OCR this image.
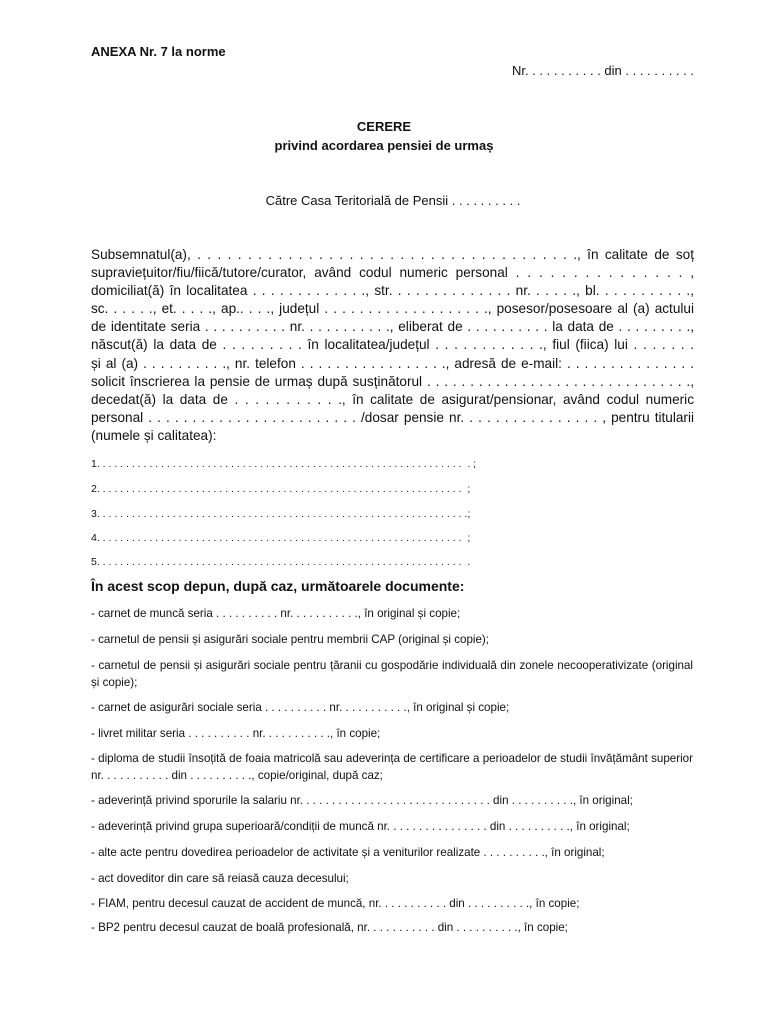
ANEXA Nr. 7 la norme
Nr. . . . . . . . . . . din . . . . . . . . . .
CERERE
privind acordarea pensiei de urmaș
Către Casa Teritorială de Pensii . . . . . . . . . .
Subsemnatul(a), . . . . . . . . . . . . . . . . . . . . . . . . . . . . . . . . . . . . . ., în calitate de soț
supraviețuitor/fiu/fiică/tutore/curator, având codul numeric personal . . . . . . . . . . . . . . . ,
domiciliat(ă) în localitatea . . . . . . . . . . . . ., str. . . . . . . . . . . . . . nr. . . . . ., bl. . . . . . . . . . .,
sc. . . . . ., et. . . . ., ap.. . . ., județul . . . . . . . . . . . . . . . . . . ., posesor/posesoare al (a) actului
de identitate seria . . . . . . . . . . nr. . . . . . . . . . ., eliberat de . . . . . . . . . . la data de . . . . . . . . .,
născut(ă) la data de . . . . . . . . . în localitatea/județul . . . . . . . . . . . ., fiul (fiica) lui . . . . . . .
și al (a) . . . . . . . . . ., nr. telefon . . . . . . . . . . . . . . . . ., adresă de e-mail: . . . . . . . . . . . . . . .
solicit înscrierea la pensie de urmaș după susținătorul . . . . . . . . . . . . . . . . . . . . . . . . . . . . . . .,
decedat(ă) la data de . . . . . . . . . . ., în calitate de asigurat/pensionar, având codul numeric
personal . . . . . . . . . . . . . . . . . . . . . . . . /dosar pensie nr. . . . . . . . . . . . . . . . , pentru titularii
(numele și calitatea):
1. . . . . . . . . . . . . . . . . . . . . . . . . . . . . . . . . . . . . . . . . . . . . . . . . . . . . . . . . . . . . . .  . ;
2. . . . . . . . . . . . . . . . . . . . . . . . . . . . . . . . . . . . . . . . . . . . . . . . . . . . . . . . . . . . . . .  ;
3. . . . . . . . . . . . . . . . . . . . . . . . . . . . . . . . . . . . . . . . . . . . . . . . . . . . . . . . . . . . . . . .;
4. . . . . . . . . . . . . . . . . . . . . . . . . . . . . . . . . . . . . . . . . . . . . . . . . . . . . . . . . . . . . . .  ;
5. . . . . . . . . . . . . . . . . . . . . . . . . . . . . . . . . . . . . . . . . . . . . . . . . . . . . . . . . . . . . . .  .
În acest scop depun, după caz, următoarele documente:
- carnet de muncă seria . . . . . . . . . . nr. . . . . . . . . . ., în original și copie;
- carnetul de pensii și asigurări sociale pentru membrii CAP (original și copie);
- carnetul de pensii și asigurări sociale pentru țăranii cu gospodărie individuală din zonele necooperativizate (original și copie);
- carnet de asigurări sociale seria . . . . . . . . . . nr. . . . . . . . . . ., în original și copie;
- livret militar seria . . . . . . . . . . nr. . . . . . . . . . ., în copie;
- diploma de studii însoțită de foaia matricolă sau adeverința de certificare a perioadelor de studii învățământ superior nr. . . . . . . . . . . din . . . . . . . . . ., copie/original, după caz;
- adeverință privind sporurile la salariu nr. . . . . . . . . . . . . . . . . . . . . . . . . . . . . . din . . . . . . . . . ., în original;
- adeverință privind grupa superioară/condiții de muncă nr. . . . . . . . . . . . . . . . din . . . . . . . . . ., în original;
- alte acte pentru dovedirea perioadelor de activitate și a veniturilor realizate . . . . . . . . . ., în original;
- act doveditor din care să reiasă cauza decesului;
- FIAM, pentru decesul cauzat de accident de muncă, nr. . . . . . . . . . . din . . . . . . . . . ., în copie;
- BP2 pentru decesul cauzat de boală profesională, nr. . . . . . . . . . . din . . . . . . . . . ., în copie;
